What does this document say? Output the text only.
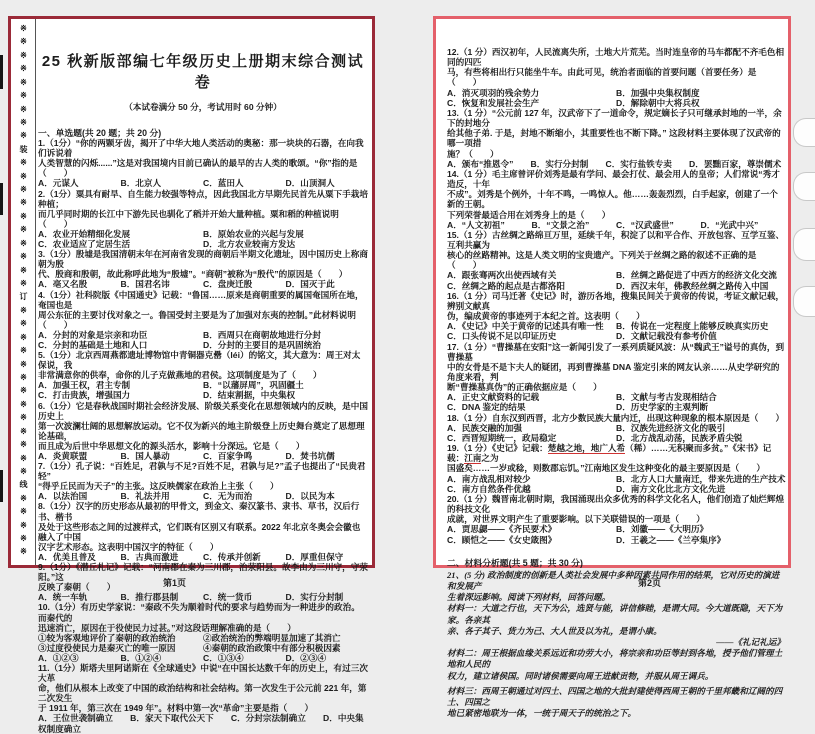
※
※
※
※
※
※
※
※
※
装
※
※
※
※
※
※
※
※
※
※
订
※
※
※
※
※
※
※
※
※
※
※
※
※
线
※
※
※
※
※
25 秋新版部编七年级历史上册期末综合测试卷
（本试卷满分 50 分，考试用时 60 分钟）
一、单选题(共 20 题；共 20 分)
1.（1分）“你的两颗牙齿，揭开了中华大地人类活动的奥秘：那一块块的石器，在向我们诉说着
人类智慧的闪烁......”这是对我国境内目前已确认的最早的古人类的歌颂。“你”指的是
（　　）
A．元谋人	B．北京人	C．蓝田人	D．山顶洞人
2.（1分）粟具有耐旱、自生能力较强等特点，因此我国北方早期先民首先从粟下手栽培种植；
而几乎同时期的长江中下游先民也驯化了稻并开始大量种植。粟和稻的种植说明（　　）
A．农业开始精细化发展	B．原始农业的兴起与发展
C．农业适应了定居生活	D．北方农业较南方发达
3.（1分）殷墟是我国清朝末年在河南省发现的商朝后半期文化遗址，因中国历史上称商朝为殷
代、殷商和殷朝，故此称呼此地为“殷墟”。“商朝”被称为“殷代”的原因是（　　）
A．亳又名殷	B．国君名讳	C．盘庚迁殷	D．国灭于此
4.（1分）社科院版《中国通史》记载：“鲁国……原来是商朝重要的属国奄国所在地，奄国也是
周公东征的主要讨伐对象之一。鲁国受封主要是为了加强对东夷的控制。”此材料说明（　　）
A．分封的对象是宗亲和功臣	B．西周只在商朝故地进行分封
C．分封的基础是土地和人口	D．分封的主要目的是巩固统治
5.（1分）北京西周燕都遗址博物馆中青铜器克罍（léi）的铭文，其大意为：周王对太保说，我
非常满意你的供奉，命你的儿子克做燕地的君侯。这项制度是为了（　　）
A．加强王权，君主专制	B．“以藩屏周”，巩固疆土
C．打击贵族，增强国力	D．结束割据，中央集权
6.（1分）它是春秋战国时期社会经济发展、阶级关系变化在思想领域内的反映，是中国历史上
第一次波澜壮阔的思想解放运动。它不仅为新兴的地主阶级登上历史舞台奠定了思想理论基础，
而且成为后世中华思想文化的源头活水，影响十分深远。它是（　　）
A．炎黄联盟	B．国人暴动	C．百家争鸣	D．焚书坑儒
7.（1分）孔子说：“百姓足，君孰与不足?百姓不足，君孰与足?”孟子也提出了“民贵君轻”
“得乎丘民而为天子”的主张。这反映儒家在政治上主张（　　）
A．以法治国	B．礼法并用	C．无为而治	D．以民为本
8.（1分）汉字的历史形态从最初的甲骨文，到金文、秦汉篆书、隶书、草书，汉后行书、楷书
及处于这些形态之间的过渡样式，它们既有区别又有联系。2022 年北京冬奥会会徽也融入了中国
汉字艺术形态。这表明中国汉字的特征（　　）
A．优美且普及	B．古典而激进	C．传承并创新	D．厚重但保守
9.（1分）《潜丘札记》记载：“河南郡在秦为三川郡，治荥阳县。故李由为三川守，守荥阳。”这
反映了秦朝（　　）
A．统一车轨	B．推行郡县制	C．统一货币	D．实行分封制
10.（1分）有历史学家说：“秦政不失为顺着时代的要求与趋势而为一种进步的政治。而秦代的
迅速消亡，原因在于役使民力过甚。”对这段话理解准确的是（　　）
①较为客观地评价了秦朝的政治统治	②政治统治的弊端明显加速了其消亡
③过度役使民力是秦灭亡的唯一原因	④秦朝的政治政策中有部分积极因素
A．①②③	B．①②④	C．①③④	D．②③④
11.（1分）斯塔夫里阿诺斯在《全球通史》中说“在中国长达数千年的历史上，有过三次大革
命，他们从根本上改变了中国的政治结构和社会结构。第一次发生于公元前 221 年，第二次发生
于 1911 年，第三次在 1949 年”。材料中第一次“革命”主要是指（　　）
A．王位世袭制确立　　B．家天下取代公天下　　C．分封宗法制确立　　D．中央集权制度确立
12.（1 分）西汉初年，人民流离失所，土地大片荒芜。当时连皇帝的马车都配不齐毛色相同的四匹
马，有些将相出行只能坐牛车。由此可见，统治者面临的首要问题（首要任务）是（　　）
A．消灭项羽的残余势力	B．加强中央集权制度
C．恢复和发展社会生产	D．解除朝中大将兵权
13.（1 分）“公元前 127 年，汉武帝下了一道命令，规定嫡长子只可继承封地的一半，余下的封地分
给其他子弟. 于是，封地不断缩小，其重要性也不断下降。” 这段材料主要体现了汉武帝的哪一项措
施？（　　）
A．颁布“推恩令”　　B．实行分封制　　C．实行盐铁专卖　　D．罢黜百家，尊崇儒术
14.（1 分）毛主席曾评价刘秀是最有学问、最会打仗、最会用人的皇帝；人们常说“秀才造反，十年
不成”。刘秀是个例外，十年不鸣，一鸣惊人。他……轰轰烈烈，白手起家，创建了一个新的王朝。
下列荣誉最适合用在刘秀身上的是（　　）
A．“人文初祖”	B．“文景之治”	C．“汉武盛世”	D．“光武中兴”
15.（1 分）古丝绸之路绵亘万里，延续千年，积淀了以和平合作、开放包容、互学互鉴、互利共赢为
核心的丝路精神。这是人类文明的宝贵遗产。下列关于丝绸之路的叙述不正确的是（　　）
A．跟张骞两次出使西域有关	B．丝绸之路促进了中西方的经济文化交流
C．丝绸之路的起点是古都洛阳	D．西汉末年，佛教经丝绸之路传入中国
16.（1 分）司马迁著《史记》时，游历各地，搜集民间关于黄帝的传说，考证文献记载，辨别文献真
伪，编成黄帝的事迹列于本纪之首。这表明（　　）
A．《史记》中关于黄帝的记述具有唯一性	B．传说在一定程度上能够反映真实历史
C．口头传说不足以印证历史	D．文献记载没有参考价值
17.（1 分）“曹操墓在安阳”这一新闻引发了一系列质疑风波：从“魏武王”谥号的真伪，到曹操墓
中的女骨是不是卞夫人的疑团，再到曹操墓 DNA 鉴定引来的网友认亲……从史学研究的角度来看，判
断“曹操墓真伪”的正确依据应是（　　）
A．正史文献资料的记载	B．文献与考古发现相结合
C．DNA 鉴定的结果	D．历史学家的主观判断
18.（1 分）自东汉到西晋，北方少数民族大量内迁，出现这种现象的根本原因是（　　）
A．民族交融的加强	B．汉族先进经济文化的吸引
C．西晋短期统一，政局稳定	D．北方战乱动荡，民族矛盾尖锐
19.（1 分）《史记》记载：楚越之地，地广人希（稀）……无积聚而多贫。”《宋书》记载：江南之为
国盛矣……一岁或稔，则数郡忘饥。”江南地区发生这种变化的最主要原因是（　　）
A．南方战乱相对较少	B．北方人口大量南迁，带来先进的生产技术
C．南方自然条件优越	D．南方文化比北方文化先进
20.（1 分）魏晋南北朝时期，我国涌现出众多优秀的科学文化名人，他们创造了灿烂辉煌的科技文化
成就，对世界文明产生了重要影响。以下关联错误的一项是（　　）
A．贾思勰——《齐民要术》	B．刘徽——《大明历》
C．顾恺之——《女史箴图》	D．王羲之——《兰亭集序》
二、材料分析题(共 5 题；共 30 分)
21、(5 分) 政治制度的创新是人类社会发展中多种因素共同作用的结果，它对历史的演进和发展产
生着深远影响。阅读下列材料，回答问题。
材料一：大道之行也，天下为公，选贤与能，讲信修睦，是谓大同。今大道既隐，天下为家。各亲其
亲、各子其子、货力为己、大人世及以为礼，是谓小康。
——《礼记礼运》
材料二：周王根据血缘关系远近和功劳大小，将宗亲和功臣等封到各地，授予他们管理土地和人民的
权力，建立诸侯国。同时诸侯需要向周王进献贡物，并服从周王调兵。
材料三：西周王朝通过对四土、四国之地的大批封建使得西周王朝的千里邦畿和辽阔的四土、四国之
地已紧密地联为一体，一统于周天子的统治之下。
第1页	第2页
